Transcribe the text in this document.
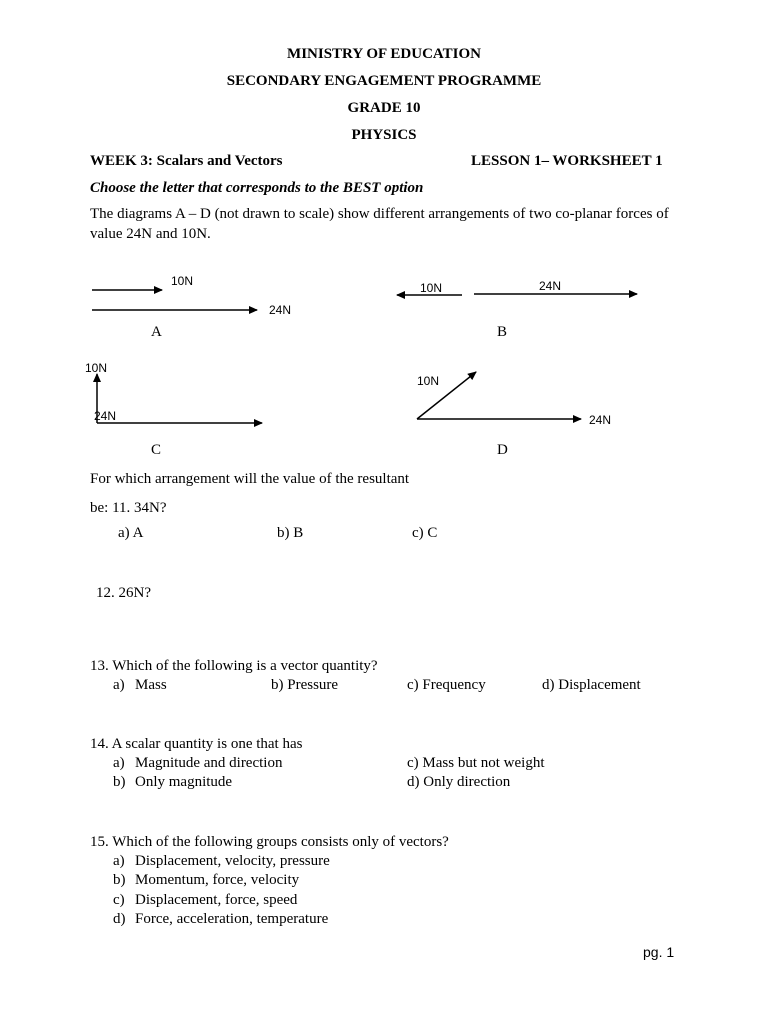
MINISTRY OF EDUCATION
SECONDARY ENGAGEMENT PROGRAMME
GRADE 10
PHYSICS
WEEK 3: Scalars and Vectors	LESSON 1– WORKSHEET 1
Choose the letter that corresponds to the BEST option
The diagrams A – D (not drawn to scale) show different arrangements of two co-planar forces of
value 24N and 10N.
10N
24N
A
10N	24N
B
10N
24N
C
10N
24N
D
For which arrangement will the value of the resultant
be: 11. 34N?
a) A	b) B	c) C
12. 26N?
13. Which of the following is a vector quantity?
a) Mass	b) Pressure	c) Frequency	d) Displacement
14. A scalar quantity is one that has
a) Magnitude and direction	c) Mass but not weight
b) Only magnitude	d) Only direction
15. Which of the following groups consists only of vectors?
a) Displacement, velocity, pressure
b) Momentum, force, velocity
c) Displacement, force, speed
d) Force, acceleration, temperature
pg. 1
